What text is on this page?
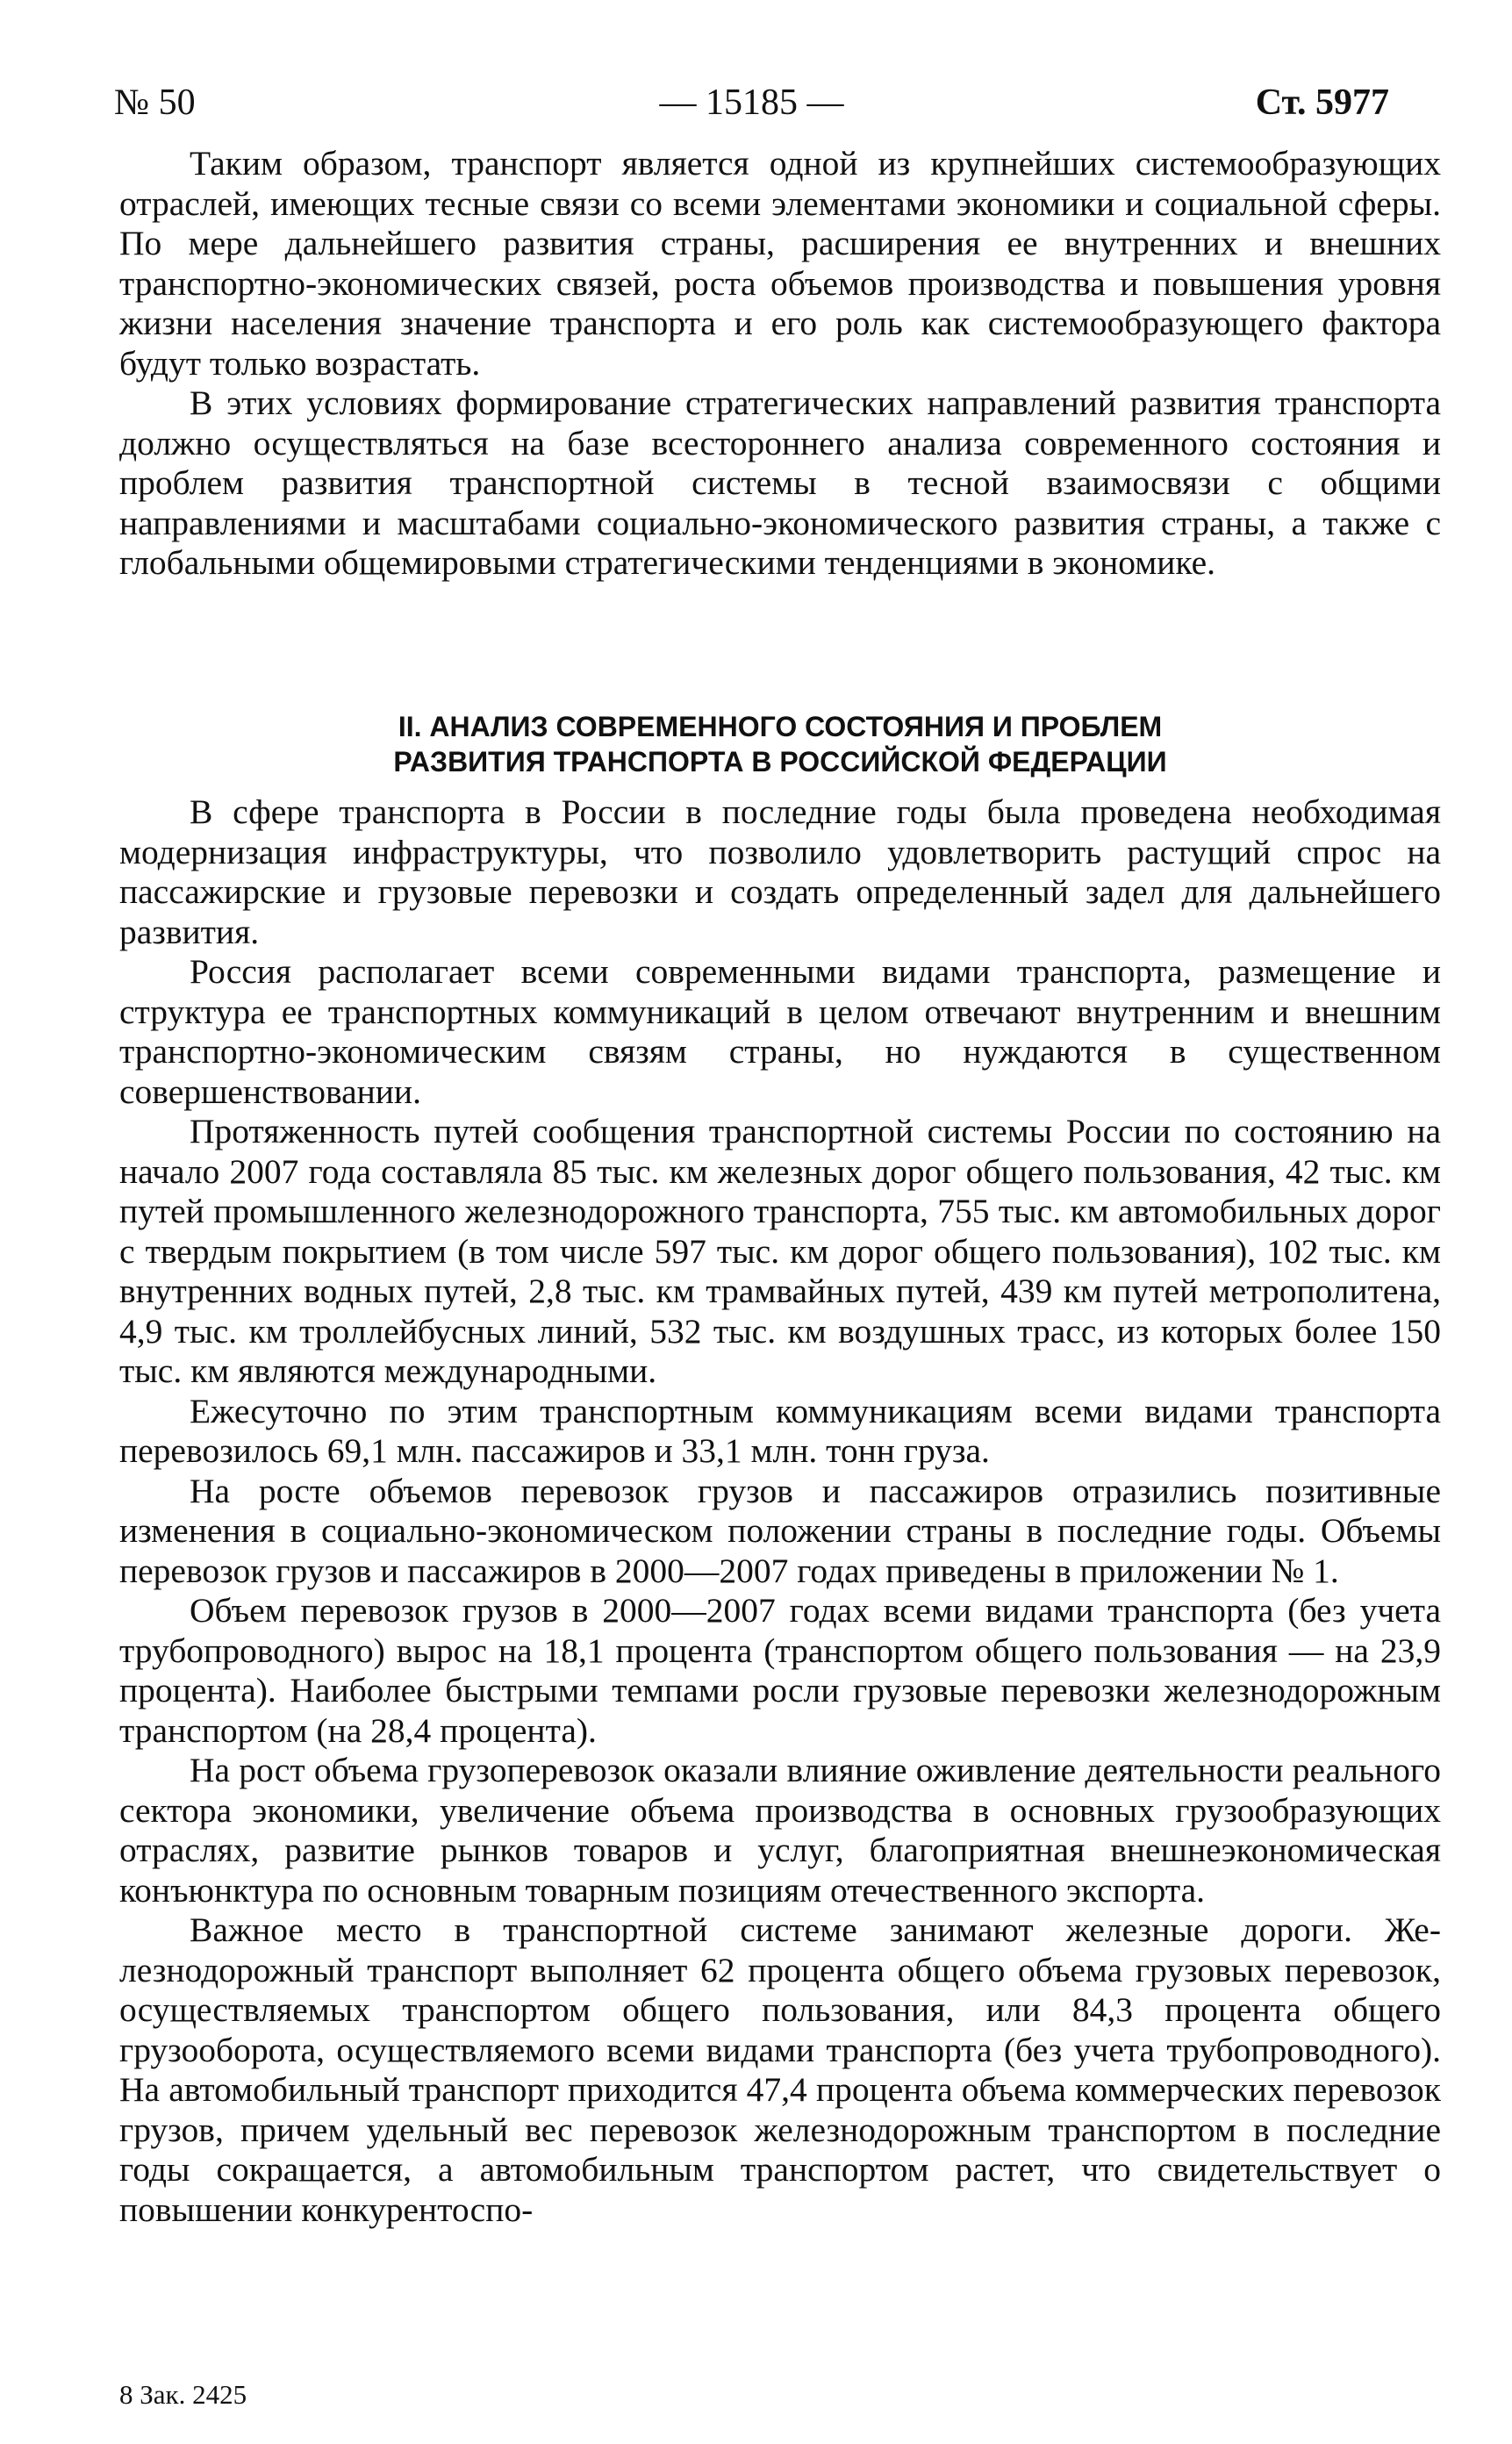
№ 50	— 15185 —	Ст. 5977

Таким образом, транспорт является одной из крупнейших системообразующих отраслей, имеющих тесные связи со всеми элементами экономики и социальной сферы. По мере дальнейшего развития страны, расширения ее внутренних и внешних транспортно-экономических связей, роста объемов производства и повышения уровня жизни населения значение транспорта и его роль как системообразующего фактора будут только возрастать.

В этих условиях формирование стратегических направлений развития транспорта должно осуществляться на базе всестороннего анализа современного состояния и проблем развития транспортной системы в тесной взаимосвязи с общими направлениями и масштабами социально-экономического развития страны, а также с глобальными общемировыми стратегическими тенденциями в экономике.

II. АНАЛИЗ СОВРЕМЕННОГО СОСТОЯНИЯ И ПРОБЛЕМ
РАЗВИТИЯ ТРАНСПОРТА В РОССИЙСКОЙ ФЕДЕРАЦИИ

В сфере транспорта в России в последние годы была проведена необходимая модернизация инфраструктуры, что позволило удовлетворить растущий спрос на пассажирские и грузовые перевозки и создать определенный задел для дальнейшего развития.

Россия располагает всеми современными видами транспорта, размещение и структура ее транспортных коммуникаций в целом отвечают внутренним и внешним транспортно-экономическим связям страны, но нуждаются в существенном совершенствовании.

Протяженность путей сообщения транспортной системы России по состоянию на начало 2007 года составляла 85 тыс. км железных дорог общего пользования, 42 тыс. км путей промышленного железнодорожного транспорта, 755 тыс. км автомобильных дорог с твердым покрытием (в том числе 597 тыс. км дорог общего пользования), 102 тыс. км внутренних водных путей, 2,8 тыс. км трамвайных путей, 439 км путей метрополитена, 4,9 тыс. км троллейбусных линий, 532 тыс. км воздушных трасс, из которых более 150 тыс. км являются международными.

Ежесуточно по этим транспортным коммуникациям всеми видами транспорта перевозилось 69,1 млн. пассажиров и 33,1 млн. тонн груза.

На росте объемов перевозок грузов и пассажиров отразились позитивные изменения в социально-экономическом положении страны в последние годы. Объемы перевозок грузов и пассажиров в 2000—2007 годах приведены в приложении № 1.

Объем перевозок грузов в 2000—2007 годах всеми видами транспорта (без учета трубопроводного) вырос на 18,1 процента (транспортом общего пользования — на 23,9 процента). Наиболее быстрыми темпами росли грузовые перевозки железнодорожным транспортом (на 28,4 процента).

На рост объема грузоперевозок оказали влияние оживление деятельности реального сектора экономики, увеличение объема производства в основных грузообразующих отраслях, развитие рынков товаров и услуг, благоприятная внешнеэкономическая конъюнктура по основным товарным позициям отечественного экспорта.

Важное место в транспортной системе занимают железные дороги. Железнодорожный транспорт выполняет 62 процента общего объема грузовых перевозок, осуществляемых транспортом общего пользования, или 84,3 процента общего грузооборота, осуществляемого всеми видами транспорта (без учета трубопроводного). На автомобильный транспорт приходится 47,4 процента объема коммерческих перевозок грузов, причем удельный вес перевозок железнодорожным транспортом в последние годы сокращается, а автомобильным транспортом растет, что свидетельствует о повышении конкурентоспо-

8 Зак. 2425
